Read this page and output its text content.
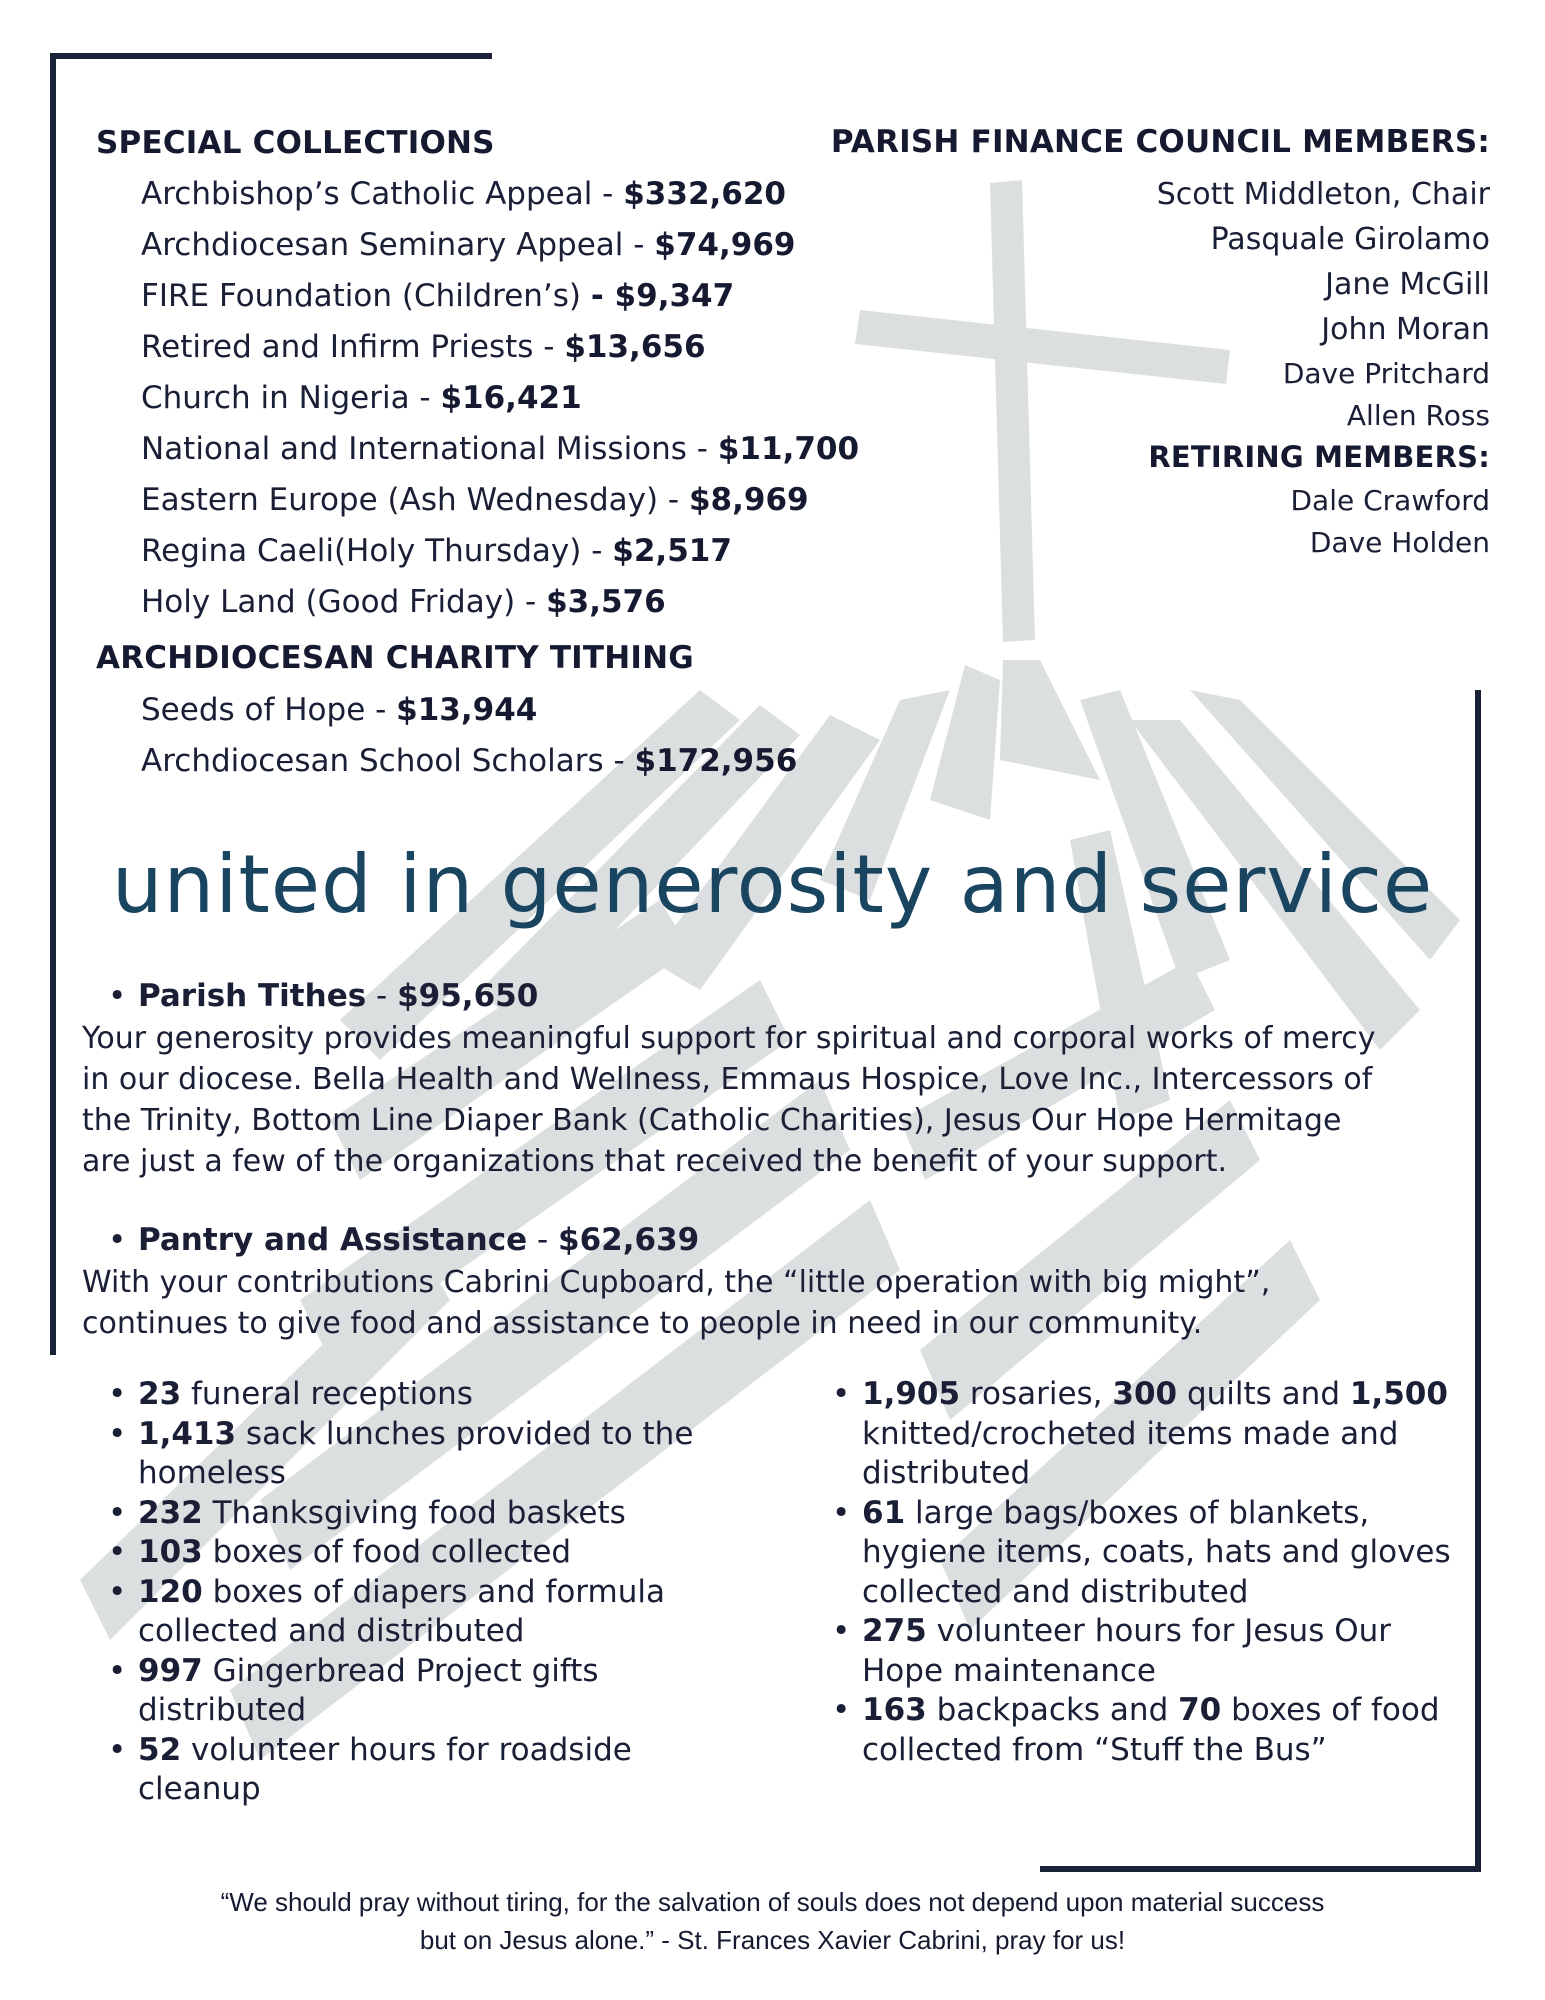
SPECIAL COLLECTIONS
Archbishop’s Catholic Appeal - $332,620
Archdiocesan Seminary Appeal - $74,969
FIRE Foundation (Children’s) - $9,347
Retired and Infirm Priests - $13,656
Church in Nigeria - $16,421
National and International Missions - $11,700
Eastern Europe (Ash Wednesday) - $8,969
Regina Caeli(Holy Thursday) - $2,517
Holy Land (Good Friday) - $3,576
ARCHDIOCESAN CHARITY TITHING
Seeds of Hope - $13,944
Archdiocesan School Scholars - $172,956
PARISH FINANCE COUNCIL MEMBERS:
Scott Middleton, Chair
Pasquale Girolamo
Jane McGill
John Moran
Dave Pritchard
Allen Ross
RETIRING MEMBERS:
Dale Crawford
Dave Holden
united in generosity and service
• Parish Tithes - $95,650
Your generosity provides meaningful support for spiritual and corporal works of mercy
in our diocese. Bella Health and Wellness, Emmaus Hospice, Love Inc., Intercessors of
the Trinity, Bottom Line Diaper Bank (Catholic Charities), Jesus Our Hope Hermitage
are just a few of the organizations that received the benefit of your support.
• Pantry and Assistance - $62,639
With your contributions Cabrini Cupboard, the “little operation with big might”,
continues to give food and assistance to people in need in our community.
• 23 funeral receptions
• 1,413 sack lunches provided to the
homeless
• 232 Thanksgiving food baskets
• 103 boxes of food collected
• 120 boxes of diapers and formula
collected and distributed
• 997 Gingerbread Project gifts
distributed
• 52 volunteer hours for roadside
cleanup
• 1,905 rosaries, 300 quilts and 1,500
knitted/crocheted items made and
distributed
• 61 large bags/boxes of blankets,
hygiene items, coats, hats and gloves
collected and distributed
• 275 volunteer hours for Jesus Our
Hope maintenance
• 163 backpacks and 70 boxes of food
collected from “Stuff the Bus”
“We should pray without tiring, for the salvation of souls does not depend upon material success
but on Jesus alone.” - St. Frances Xavier Cabrini, pray for us!
